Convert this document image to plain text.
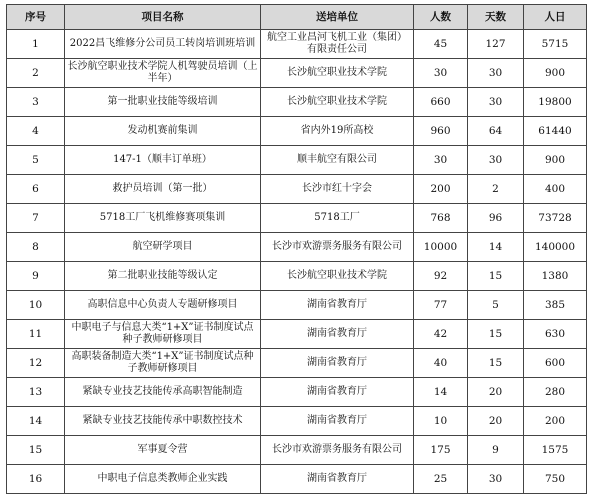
序号	项目名称	送培单位	人数	天数	人日
1	2022昌飞维修分公司员工转岗培训班培训	航空工业昌河飞机工业（集团）有限责任公司	45	127	5715
2	长沙航空职业技术学院人机驾驶员培训（上半年）	长沙航空职业技术学院	30	30	900
3	第一批职业技能等级培训	长沙航空职业技术学院	660	30	19800
4	发动机赛前集训	省内外19所高校	960	64	61440
5	147-1（顺丰订单班）	顺丰航空有限公司	30	30	900
6	救护员培训（第一批）	长沙市红十字会	200	2	400
7	5718工厂飞机维修赛项集训	5718工厂	768	96	73728
8	航空研学项目	长沙市欢游票务服务有限公司	10000	14	140000
9	第二批职业技能等级认定	长沙航空职业技术学院	92	15	1380
10	高职信息中心负责人专题研修项目	湖南省教育厅	77	5	385
11	中职电子与信息大类“1+X”证书制度试点种子教师研修项目	湖南省教育厅	42	15	630
12	高职装备制造大类“1+X”证书制度试点种子教师研修项目	湖南省教育厅	40	15	600
13	紧缺专业技艺技能传承高职智能制造	湖南省教育厅	14	20	280
14	紧缺专业技艺技能传承中职数控技术	湖南省教育厅	10	20	200
15	军事夏令营	长沙市欢游票务服务有限公司	175	9	1575
16	中职电子信息类教师企业实践	湖南省教育厅	25	30	750
